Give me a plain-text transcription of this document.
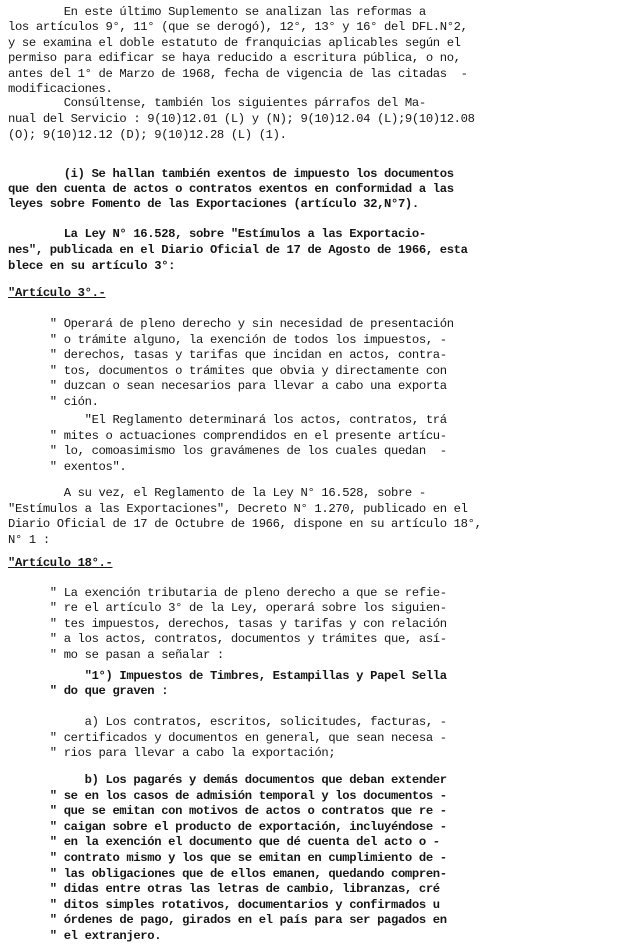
En este último Suplemento se analizan las reformas a
los artículos 9°, 11° (que se derogó), 12°, 13° y 16° del DFL.N°2,
y se examina el doble estatuto de franquicias aplicables según el
permiso para edificar se haya reducido a escritura pública, o no,
antes del 1° de Marzo de 1968, fecha de vigencia de las citadas  -
modificaciones.
Consúltense, también los siguientes párrafos del Ma-
nual del Servicio : 9(10)12.01 (L) y (N); 9(10)12.04 (L);9(10)12.08
(O); 9(10)12.12 (D); 9(10)12.28 (L) (1).
(i) Se hallan también exentos de impuesto los documentos
que den cuenta de actos o contratos exentos en conformidad a las
leyes sobre Fomento de las Exportaciones (artículo 32,N°7).
La Ley N° 16.528, sobre "Estímulos a las Exportacio-
nes", publicada en el Diario Oficial de 17 de Agosto de 1966, esta
blece en su artículo 3°:
"Artículo 3°.-
" Operará de pleno derecho y sin necesidad de presentación
" o trámite alguno, la exención de todos los impuestos, -
" derechos, tasas y tarifas que incidan en actos, contra-
" tos, documentos o trámites que obvia y directamente con
" duzcan o sean necesarios para llevar a cabo una exporta
" ción.
"El Reglamento determinará los actos, contratos, trá
" mites o actuaciones comprendidos en el presente artícu-
" lo, comoasimismo los gravámenes de los cuales quedan  -
" exentos".
A su vez, el Reglamento de la Ley N° 16.528, sobre -
"Estímulos a las Exportaciones", Decreto N° 1.270, publicado en el
Diario Oficial de 17 de Octubre de 1966, dispone en su artículo 18°,
N° 1 :
"Artículo 18°.-
" La exención tributaria de pleno derecho a que se refie-
" re el artículo 3° de la Ley, operará sobre los siguien-
" tes impuestos, derechos, tasas y tarifas y con relación
" a los actos, contratos, documentos y trámites que, así-
" mo se pasan a señalar :
"1°) Impuestos de Timbres, Estampillas y Papel Sella
" do que graven :
a) Los contratos, escritos, solicitudes, facturas, -
" certificados y documentos en general, que sean necesa -
" rios para llevar a cabo la exportación;
b) Los pagarés y demás documentos que deban extender
" se en los casos de admisión temporal y los documentos -
" que se emitan con motivos de actos o contratos que re -
" caigan sobre el producto de exportación, incluyéndose -
" en la exención el documento que dé cuenta del acto o -
" contrato mismo y los que se emitan en cumplimiento de -
" las obligaciones que de ellos emanen, quedando compren-
" didas entre otras las letras de cambio, libranzas, cré
" ditos simples rotativos, documentarios y confirmados u
" órdenes de pago, girados en el país para ser pagados en
" el extranjero.
